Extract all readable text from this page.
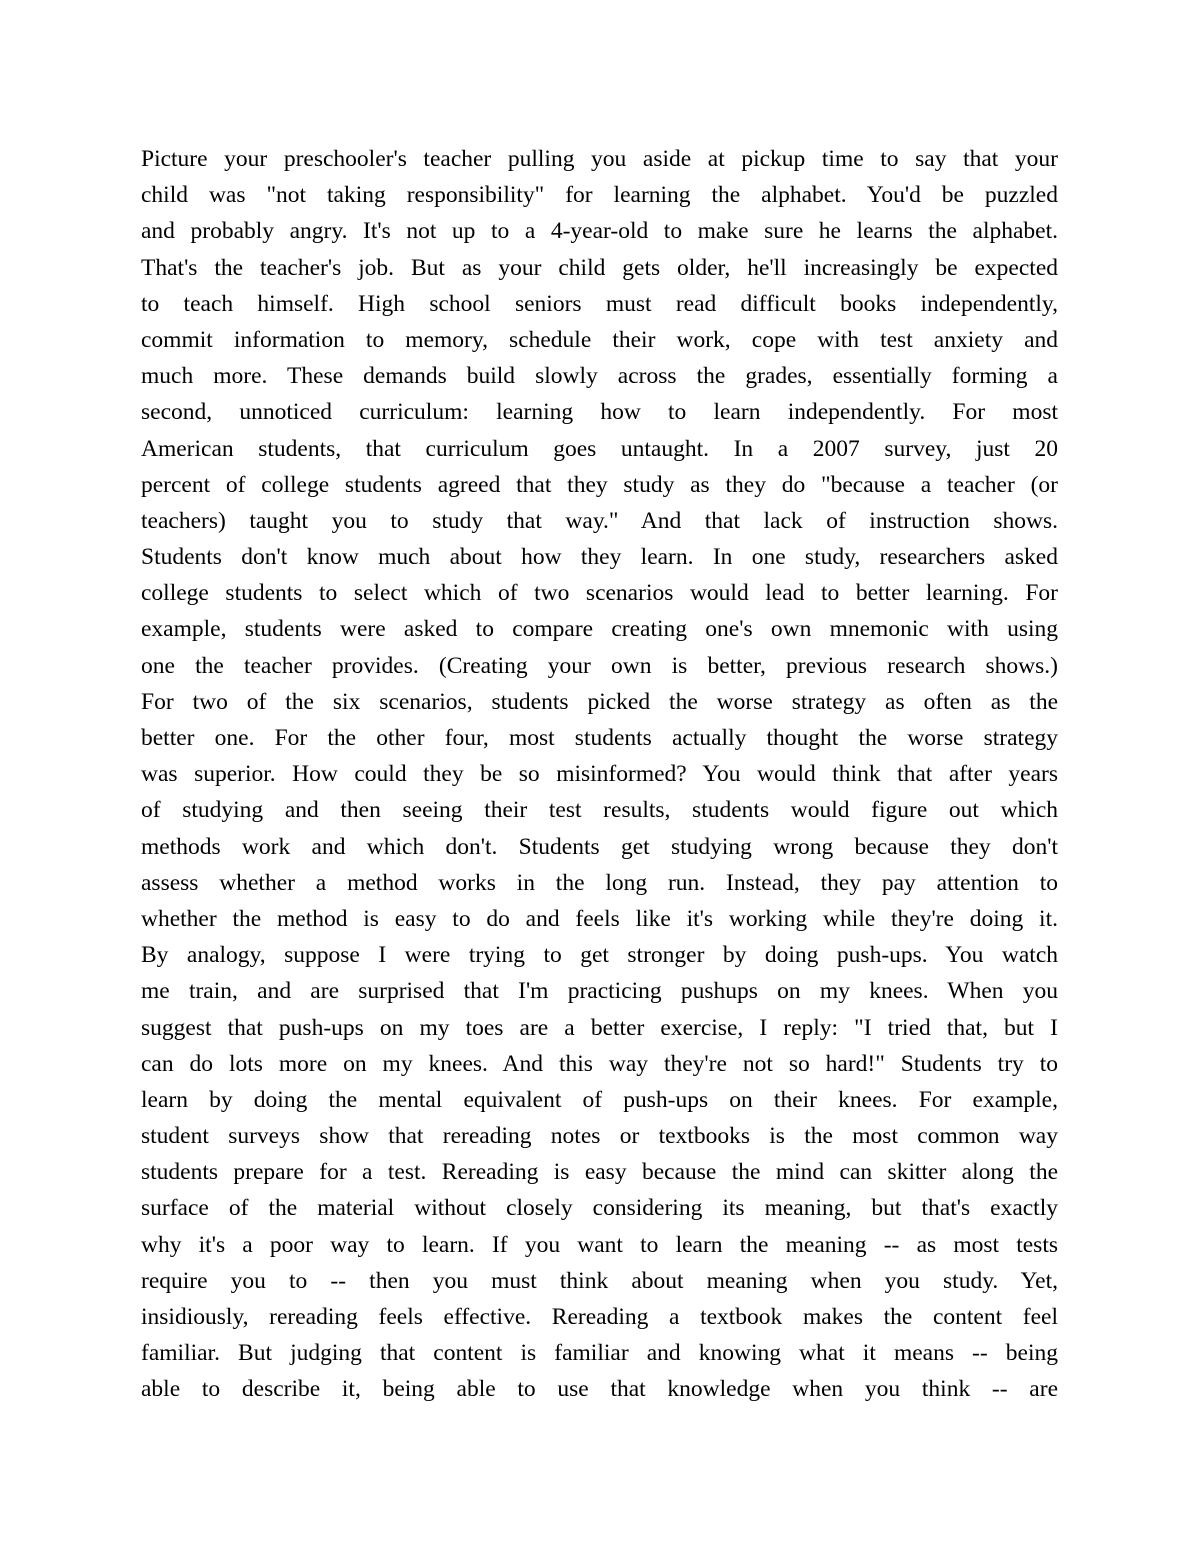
Picture your preschooler's teacher pulling you aside at pickup time to say that your
child was "not taking responsibility" for learning the alphabet. You'd be puzzled
and probably angry. It's not up to a 4-year-old to make sure he learns the alphabet.
That's the teacher's job. But as your child gets older, he'll increasingly be expected
to teach himself. High school seniors must read difficult books independently,
commit information to memory, schedule their work, cope with test anxiety and
much more. These demands build slowly across the grades, essentially forming a
second, unnoticed curriculum: learning how to learn independently. For most
American students, that curriculum goes untaught. In a 2007 survey, just 20
percent of college students agreed that they study as they do "because a teacher (or
teachers) taught you to study that way." And that lack of instruction shows.
Students don't know much about how they learn. In one study, researchers asked
college students to select which of two scenarios would lead to better learning. For
example, students were asked to compare creating one's own mnemonic with using
one the teacher provides. (Creating your own is better, previous research shows.)
For two of the six scenarios, students picked the worse strategy as often as the
better one. For the other four, most students actually thought the worse strategy
was superior. How could they be so misinformed? You would think that after years
of studying and then seeing their test results, students would figure out which
methods work and which don't. Students get studying wrong because they don't
assess whether a method works in the long run. Instead, they pay attention to
whether the method is easy to do and feels like it's working while they're doing it.
By analogy, suppose I were trying to get stronger by doing push-ups. You watch
me train, and are surprised that I'm practicing pushups on my knees. When you
suggest that push-ups on my toes are a better exercise, I reply: "I tried that, but I
can do lots more on my knees. And this way they're not so hard!" Students try to
learn by doing the mental equivalent of push-ups on their knees. For example,
student surveys show that rereading notes or textbooks is the most common way
students prepare for a test. Rereading is easy because the mind can skitter along the
surface of the material without closely considering its meaning, but that's exactly
why it's a poor way to learn. If you want to learn the meaning -- as most tests
require you to -- then you must think about meaning when you study. Yet,
insidiously, rereading feels effective. Rereading a textbook makes the content feel
familiar. But judging that content is familiar and knowing what it means -- being
able to describe it, being able to use that knowledge when you think -- are
